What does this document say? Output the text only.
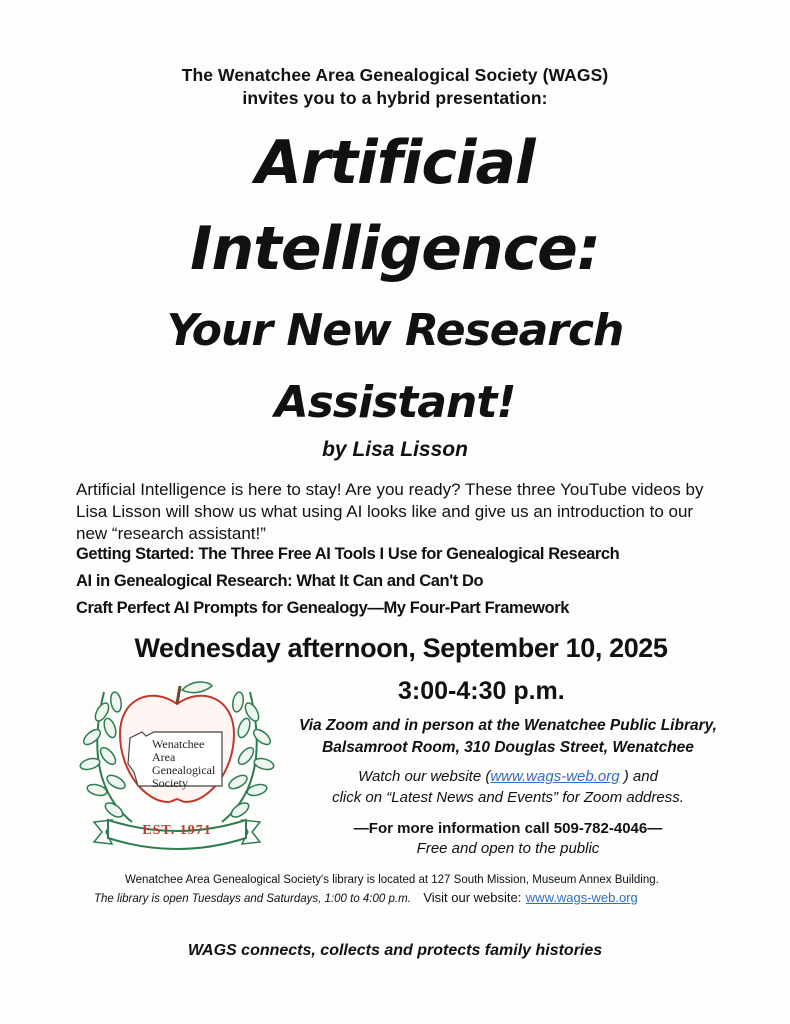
The Wenatchee Area Genealogical Society (WAGS)
invites you to a hybrid presentation:
Artificial
Intelligence:
Your New Research
Assistant!
by Lisa Lisson
Artificial Intelligence is here to stay! Are you ready? These three YouTube videos by
Lisa Lisson will show us what using AI looks like and give us an introduction to our
new “research assistant!”
Getting Started: The Three Free AI Tools I Use for Genealogical Research
AI in Genealogical Research: What It Can and Can't Do
Craft Perfect AI Prompts for Genealogy—My Four-Part Framework
Wednesday afternoon, September 10, 2025
3:00-4:30 p.m.
Wenatchee
Area
Genealogical
Society
EST. 1971
Via Zoom and in person at the Wenatchee Public Library,
Balsamroot Room, 310 Douglas Street, Wenatchee
Watch our website (www.wags-web.org ) and
click on “Latest News and Events” for Zoom address.
—For more information call 509-782-4046—
Free and open to the public
Wenatchee Area Genealogical Society's library is located at 127 South Mission, Museum Annex Building.
The library is open Tuesdays and Saturdays, 1:00 to 4:00 p.m. Visit our website: www.wags-web.org
WAGS connects, collects and protects family histories
